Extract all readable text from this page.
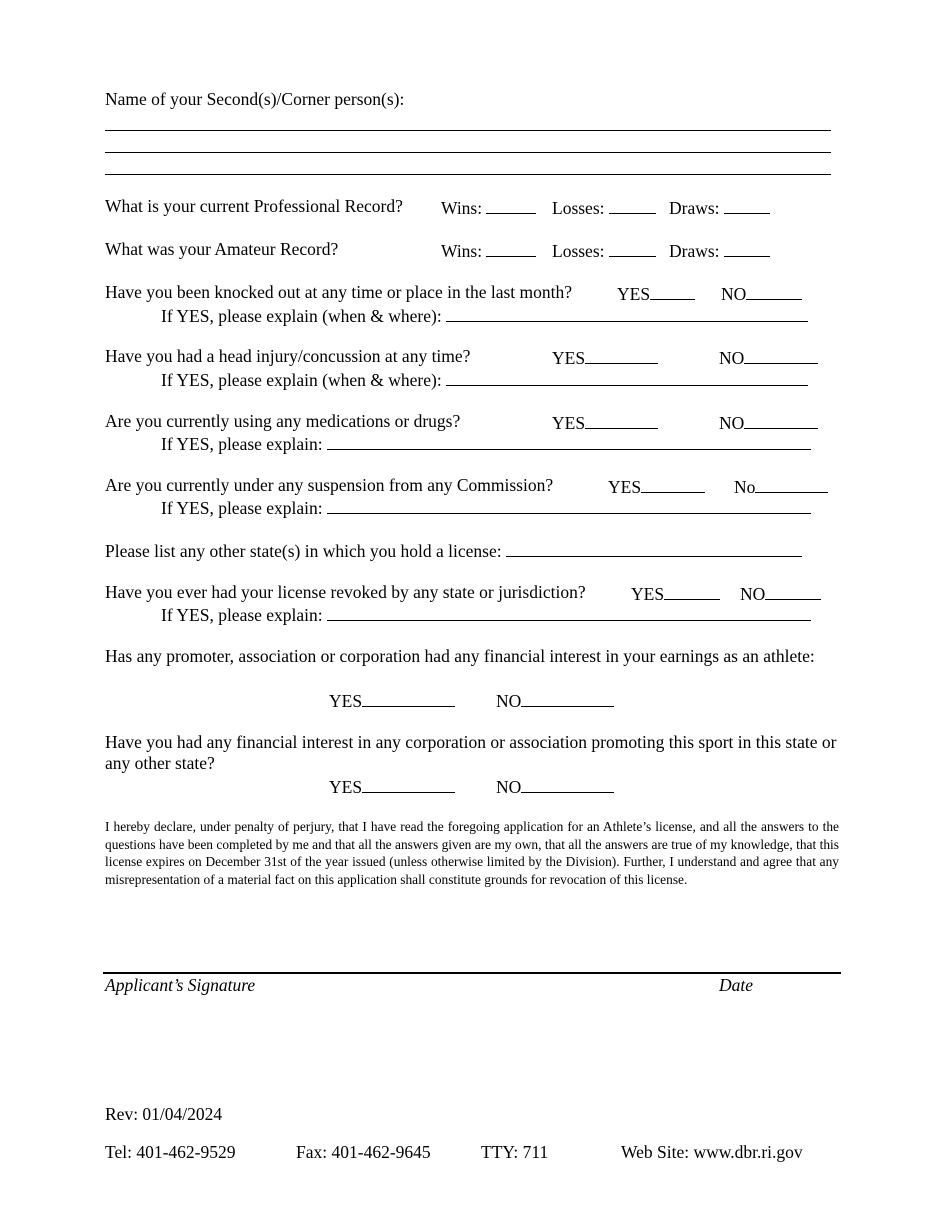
Name of your Second(s)/Corner person(s):
What is your current Professional Record? Wins:	Losses:	Draws:
What was your Amateur Record?	Wins:	Losses:	Draws:
Have you been knocked out at any time or place in the last month?	YES	NO
If YES, please explain (when & where):
Have you had a head injury/concussion at any time?	YES	NO
If YES, please explain (when & where):
Are you currently using any medications or drugs?	YES	NO
If YES, please explain:
Are you currently under any suspension from any Commission?	YES	No
If YES, please explain:
Please list any other state(s) in which you hold a license:
Have you ever had your license revoked by any state or jurisdiction?	YES	NO
If YES, please explain:
Has any promoter, association or corporation had any financial interest in your earnings as an athlete:
YES	NO
Have you had any financial interest in any corporation or association promoting this sport in this state or any other state?
YES	NO
I hereby declare, under penalty of perjury, that I have read the foregoing application for an Athlete’s license, and all the answers to the questions have been completed by me and that all the answers given are my own, that all the answers are true of my knowledge, that this license expires on December 31st of the year issued (unless otherwise limited by the Division). Further, I understand and agree that any misrepresentation of a material fact on this application shall constitute grounds for revocation of this license.
Applicant’s Signature	Date
Rev: 01/04/2024
Tel: 401-462-9529	Fax: 401-462-9645	TTY: 711	Web Site: www.dbr.ri.gov
